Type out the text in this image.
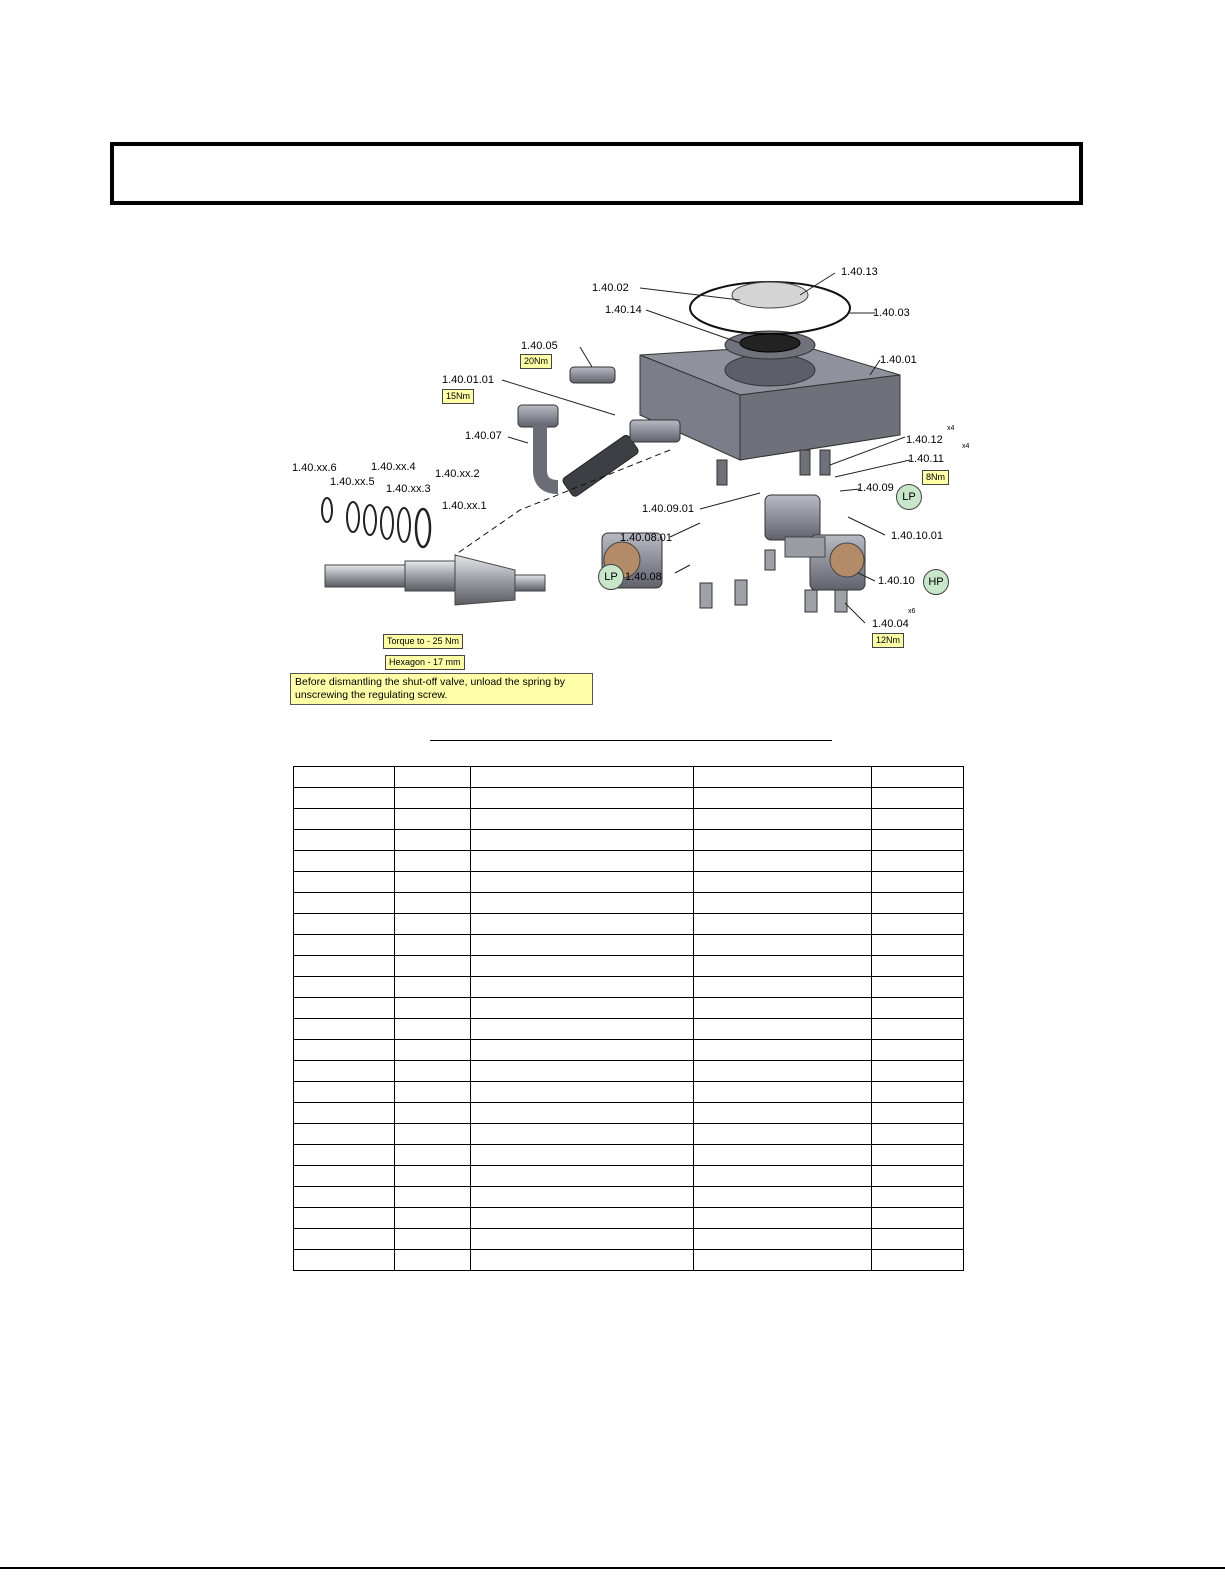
1.40.13
1.40.02
1.40.14	1.40.03
1.40.05
20Nm	1.40.01
1.40.01.01
15Nm
1.40.07	1.40.12
x4
1.40.11
x4
8Nm
1.40.xx.6
1.40.xx.5
1.40.xx.4
1.40.xx.3
1.40.xx.2
1.40.xx.1
1.40.09
LP
1.40.09.01
1.40.10.01
1.40.08.01
LP 1.40.08	1.40.10	HP
x6
1.40.04
12Nm
Torque to - 25 Nm
Hexagon - 17 mm
Before dismantling the shut-off valve, unload the spring by unscrewing the regulating screw.
